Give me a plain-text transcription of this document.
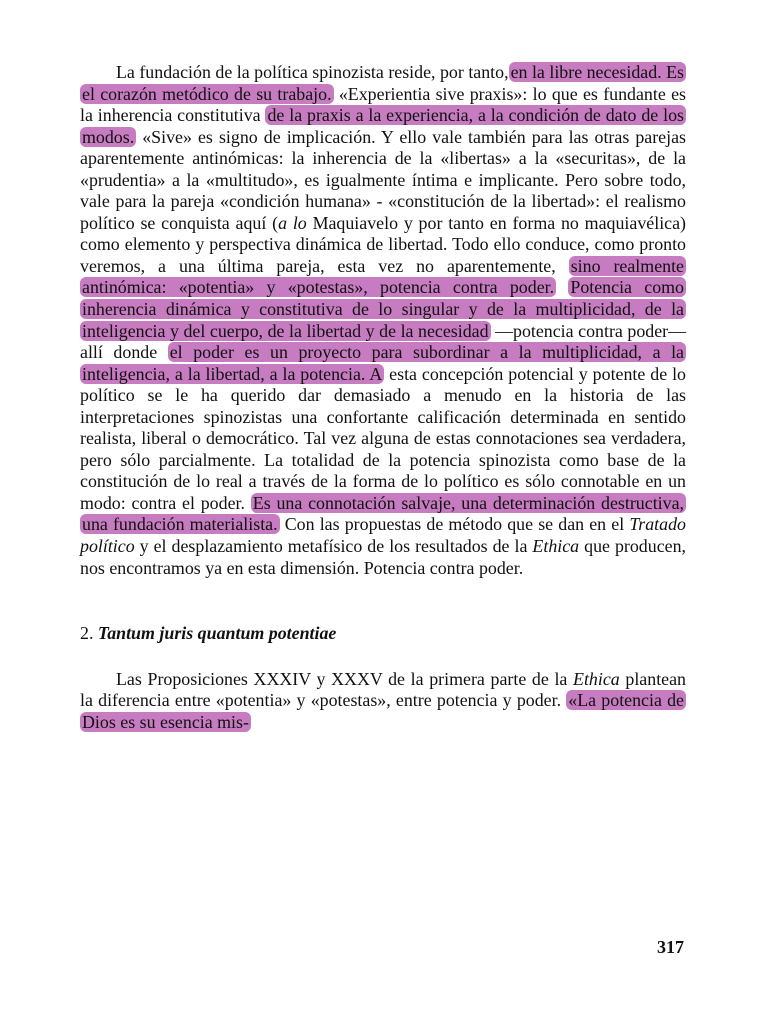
La fundación de la política spinozista reside, por tanto, en la libre necesidad. Es el corazón metódico de su trabajo. «Experientia sive praxis»: lo que es fundante es la inherencia constitutiva de la praxis a la experiencia, a la condición de dato de los modos. «Sive» es signo de implicación. Y ello vale también para las otras parejas aparentemente antinómicas: la inherencia de la «libertas» a la «securitas», de la «prudentia» a la «multitudo», es igualmente íntima e implicante. Pero sobre todo, vale para la pareja «condición humana» - «constitución de la libertad»: el realismo político se conquista aquí (a lo Maquiavelo y por tanto en forma no maquiavélica) como elemento y perspectiva dinámica de libertad. Todo ello conduce, como pronto veremos, a una última pareja, esta vez no aparentemente, sino realmente antinómica: «potentia» y «potestas», potencia contra poder. Potencia como inherencia dinámica y constitutiva de lo singular y de la multiplicidad, de la inteligencia y del cuerpo, de la libertad y de la necesidad —potencia contra poder— allí donde el poder es un proyecto para subordinar a la multiplicidad, a la inteligencia, a la libertad, a la potencia. A esta concepción potencial y potente de lo político se le ha querido dar demasiado a menudo en la historia de las interpretaciones spinozistas una confortante calificación determinada en sentido realista, liberal o democrático. Tal vez alguna de estas connotaciones sea verdadera, pero sólo parcialmente. La totalidad de la potencia spinozista como base de la constitución de lo real a través de la forma de lo político es sólo connotable en un modo: contra el poder. Es una connotación salvaje, una determinación destructiva, una fundación materialista. Con las propuestas de método que se dan en el Tratado político y el desplazamiento metafísico de los resultados de la Ethica que producen, nos encontramos ya en esta dimensión. Potencia contra poder.

2. Tantum juris quantum potentiae

Las Proposiciones XXXIV y XXXV de la primera parte de la Ethica plantean la diferencia entre «potentia» y «potestas», entre potencia y poder. «La potencia de Dios es su esencia mis-

317
